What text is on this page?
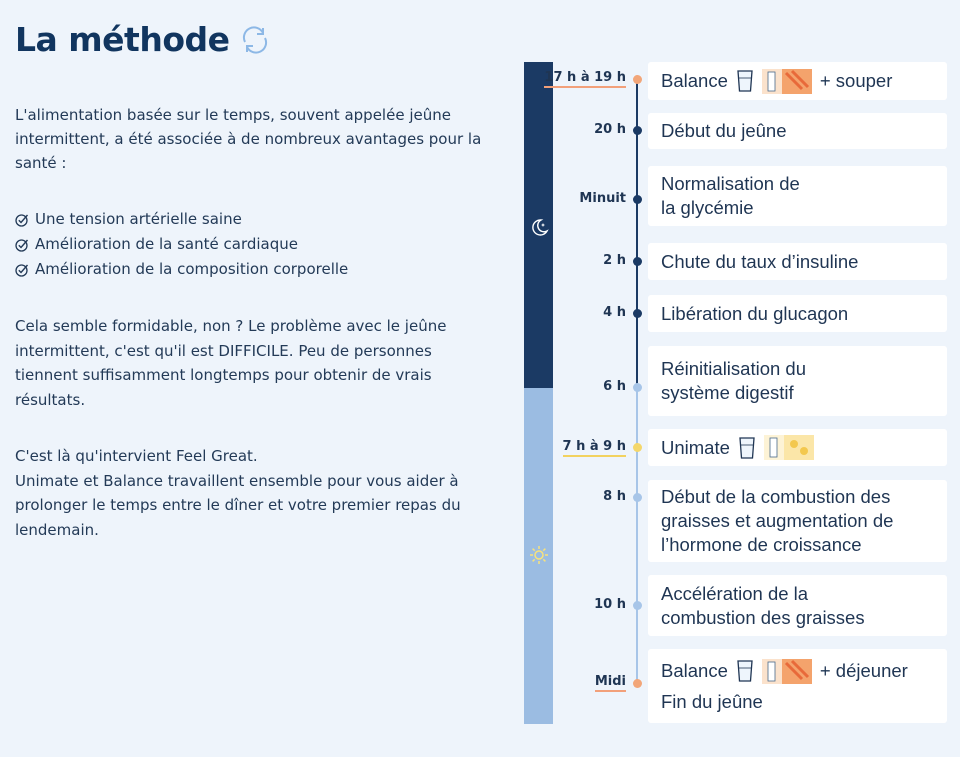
La méthode

L'alimentation basée sur le temps, souvent appelée jeûne intermittent, a été associée à de nombreux avantages pour la santé :

Une tension artérielle saine
Amélioration de la santé cardiaque
Amélioration de la composition corporelle

Cela semble formidable, non ? Le problème avec le jeûne intermittent, c'est qu'il est DIFFICILE. Peu de personnes tiennent suffisamment longtemps pour obtenir de vrais résultats.

C'est là qu'intervient Feel Great.

Unimate et Balance travaillent ensemble pour vous aider à prolonger le temps entre le dîner et votre premier repas du lendemain.

17 h à 19 h
20 h
Minuit
2 h
4 h
6 h
7 h à 9 h
8 h
10 h
Midi
Balance	+ souper
Début du jeûne
Normalisation de
la glycémie
Chute du taux d’insuline
Libération du glucagon
Réinitialisation du
système digestif
Unimate
Début de la combustion des
graisses et augmentation de
l’hormone de croissance
Accélération de la
combustion des graisses
Balance	+ déjeuner
Fin du jeûne
